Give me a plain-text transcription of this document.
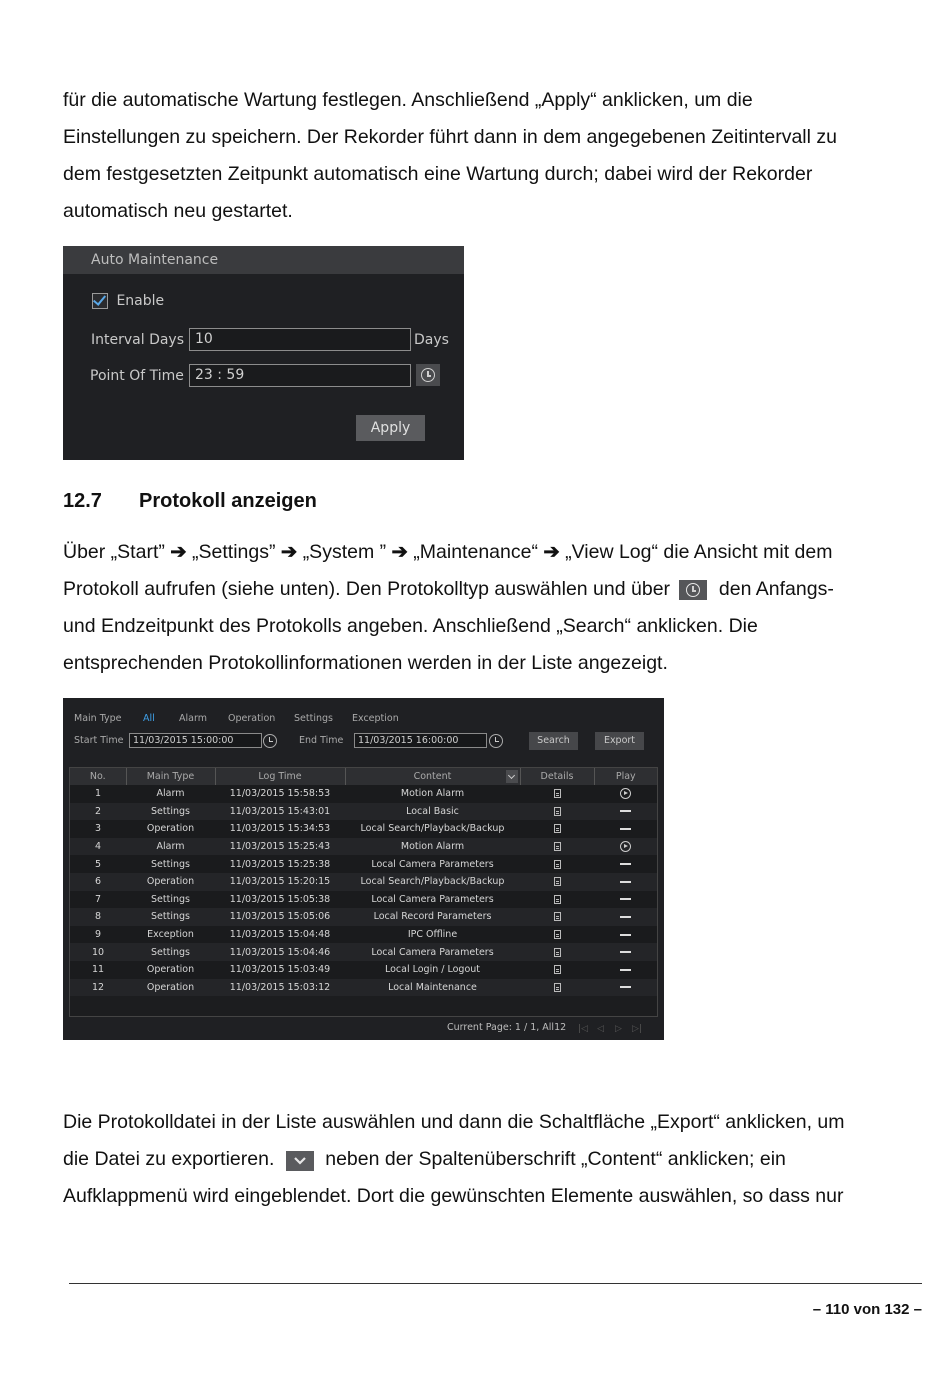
für die automatische Wartung festlegen. Anschließend „Apply“ anklicken, um die
Einstellungen zu speichern. Der Rekorder führt dann in dem angegebenen Zeitintervall zu
dem festgesetzten Zeitpunkt automatisch eine Wartung durch; dabei wird der Rekorder
automatisch neu gestartet.

Auto Maintenance
Enable
Interval Days 10	Days
Point Of Time 23 : 59
Apply
12.7 Protokoll anzeigen

Über „Start” ➔ „Settings” ➔ „System ” ➔ „Maintenance“ ➔ „View Log“ die Ansicht mit dem
Protokoll aufrufen (siehe unten). Den Protokolltyp auswählen und über	den Anfangs-
und Endzeitpunkt des Protokolls angeben. Anschließend „Search“ anklicken. Die
entsprechenden Protokollinformationen werden in der Liste angezeigt.

Main Type All	Alarm Operation Settings Exception
Start Time	11/03/2015 15:00:00	End Time	11/03/2015 16:00:00	Search	Export
No.	Main Type	Log Time	Content	Details	Play
1	Alarm	11/03/2015 15:58:53	Motion Alarm		
2	Settings	11/03/2015 15:43:01	Local Basic		
3	Operation	11/03/2015 15:34:53	Local Search/Playback/Backup		
4	Alarm	11/03/2015 15:25:43	Motion Alarm		
5	Settings	11/03/2015 15:25:38	Local Camera Parameters		
6	Operation	11/03/2015 15:20:15	Local Search/Playback/Backup		
7	Settings	11/03/2015 15:05:38	Local Camera Parameters		
8	Settings	11/03/2015 15:05:06	Local Record Parameters		
9	Exception	11/03/2015 15:04:48	IPC Offline		
10	Settings	11/03/2015 15:04:46	Local Camera Parameters		
11	Operation	11/03/2015 15:03:49	Local Login / Logout		
12	Operation	11/03/2015 15:03:12	Local Maintenance		
Current Page: 1 / 1, All12 |◁ ◁ ▷ ▷|

Die Protokolldatei in der Liste auswählen und dann die Schaltfläche „Export“ anklicken, um
die Datei zu exportieren.	neben der Spaltenüberschrift „Content“ anklicken; ein
Aufklappmenü wird eingeblendet. Dort die gewünschten Elemente auswählen, so dass nur

– 110 von 132 –
